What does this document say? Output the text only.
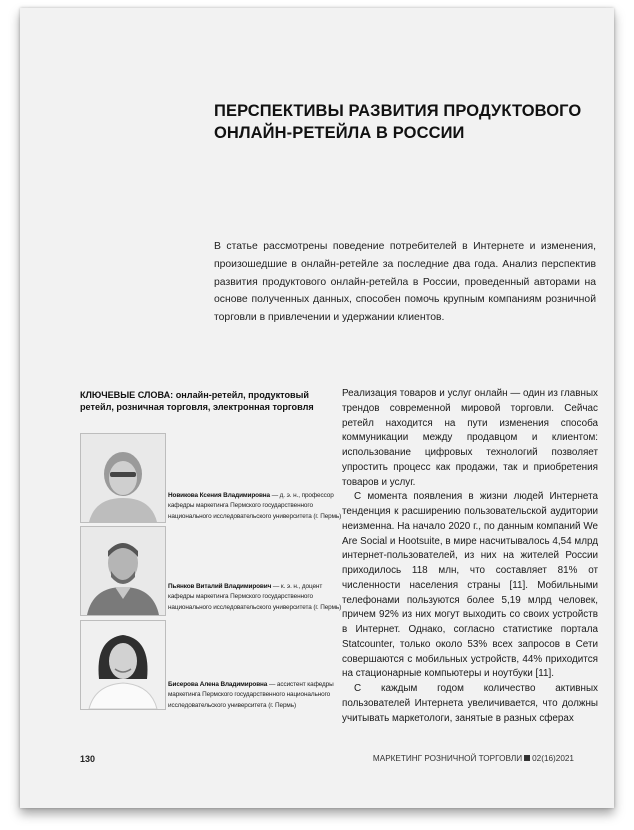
ПЕРСПЕКТИВЫ РАЗВИТИЯ ПРОДУКТОВОГО
ОНЛАЙН-РЕТЕЙЛА В РОССИИ
В статье рассмотрены поведение потребителей в Интернете и изменения, произошедшие в онлайн-ретейле за последние два года. Анализ перспектив развития продуктового онлайн-ретейла в России, проведенный авторами на основе полученных данных, способен помочь крупным компаниям розничной торговли в привлечении и удержании клиентов.
КЛЮЧЕВЫЕ СЛОВА: онлайн-ретейл, продуктовый ретейл, розничная торговля, электронная торговля
Новикова Ксения Владимировна — д. э. н., профессор кафедры маркетинга Пермского государственного национального исследовательского университета (г. Пермь)
Пьянков Виталий Владимирович — к. э. н., доцент кафедры маркетинга Пермского государственного национального исследовательского университета (г. Пермь)
Бисерова Алена Владимировна — ассистент кафедры маркетинга Пермского государственного национального исследовательского университета (г. Пермь)

Реализация товаров и услуг онлайн — один из главных трендов современной мировой торговли. Сейчас ретейл находится на пути изменения способа коммуникации между продавцом и клиентом: использование цифровых технологий позволяет упростить процесс как продажи, так и приобретения товаров и услуг.

С момента появления в жизни людей Интернета тенденция к расширению пользовательской аудитории неизменна. На начало 2020 г., по данным компаний We Are Social и Hootsuite, в мире насчитывалось 4,54 млрд интернет-пользователей, из них на жителей России приходилось 118 млн, что составляет 81% от численности населения страны [11]. Мобильными телефонами пользуются более 5,19 млрд человек, причем 92% из них могут выходить со своих устройств в Интернет. Однако, согласно статистике портала Statcounter, только около 53% всех запросов в Сети совершаются с мобильных устройств, 44% приходится на стационарные компьютеры и ноутбуки [11].

С каждым годом количество активных пользователей Интернета увеличивается, что должны учитывать маркетологи, занятые в разных сферах

130	МАРКЕТИНГ РОЗНИЧНОЙ ТОРГОВЛИ 02(16)2021
